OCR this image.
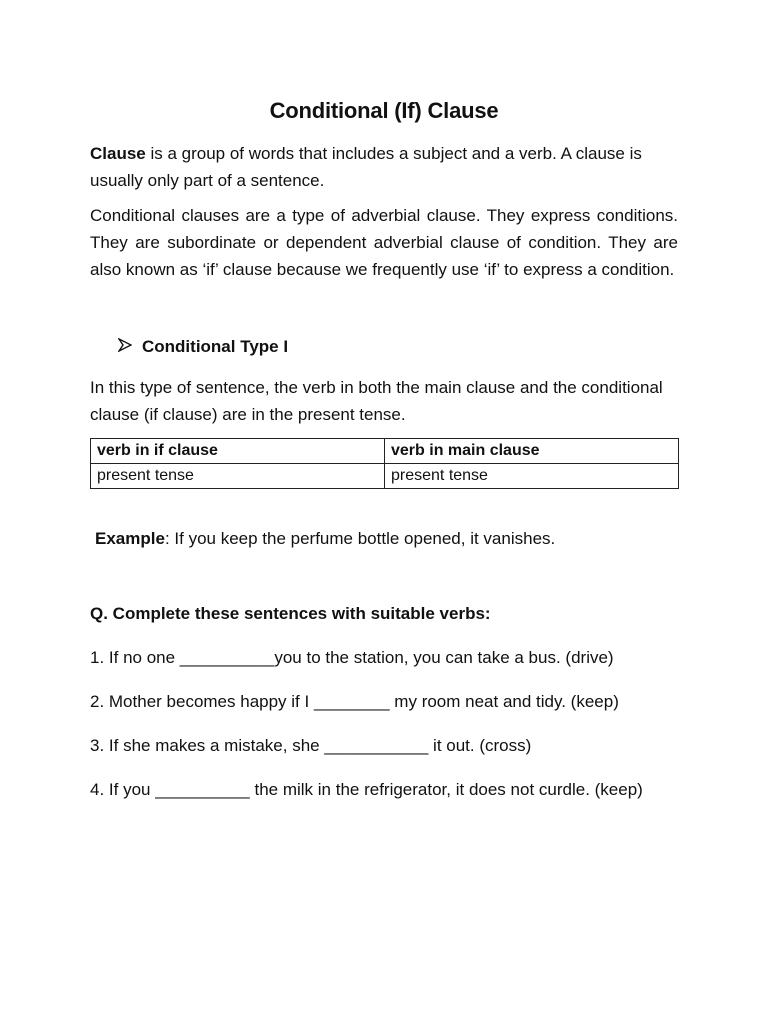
Conditional (If) Clause

Clause is a group of words that includes a subject and a verb. A clause is usually only part of a sentence.

Conditional clauses are a type of adverbial clause. They express conditions. They are subordinate or dependent adverbial clause of condition. They are also known as ‘if’ clause because we frequently use ‘if’ to express a condition.

Conditional Type I

In this type of sentence, the verb in both the main clause and the conditional clause (if clause) are in the present tense.

verb in if clause	verb in main clause
present tense	present tense

Example: If you keep the perfume bottle opened, it vanishes.

Q. Complete these sentences with suitable verbs:

1. If no one __________you to the station, you can take a bus. (drive)

2. Mother becomes happy if I ________ my room neat and tidy. (keep)

3. If she makes a mistake, she ___________ it out. (cross)

4. If you __________ the milk in the refrigerator, it does not curdle. (keep)
